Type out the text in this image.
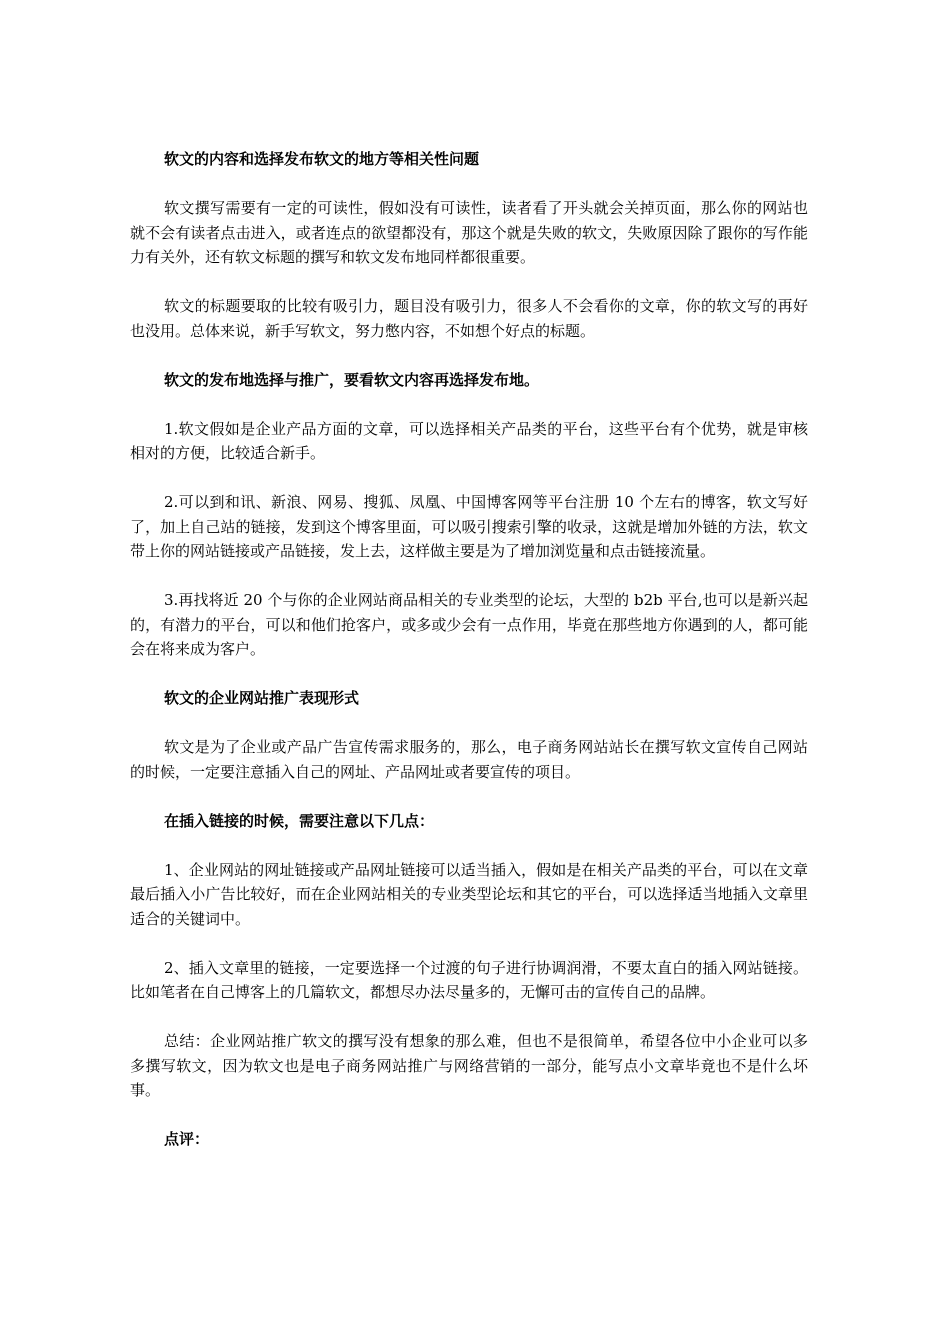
软文的内容和选择发布软文的地方等相关性问题

软文撰写需要有一定的可读性，假如没有可读性，读者看了开头就会关掉页面，那么你的网站也就不会有读者点击进入，或者连点的欲望都没有，那这个就是失败的软文，失败原因除了跟你的写作能力有关外，还有软文标题的撰写和软文发布地同样都很重要。

软文的标题要取的比较有吸引力，题目没有吸引力，很多人不会看你的文章，你的软文写的再好也没用。总体来说，新手写软文，努力憋内容，不如想个好点的标题。

软文的发布地选择与推广，要看软文内容再选择发布地。

1.软文假如是企业产品方面的文章，可以选择相关产品类的平台，这些平台有个优势，就是审核相对的方便，比较适合新手。

2.可以到和讯、新浪、网易、搜狐、凤凰、中国博客网等平台注册 10 个左右的博客，软文写好了，加上自己站的链接，发到这个博客里面，可以吸引搜索引擎的收录，这就是增加外链的方法，软文带上你的网站链接或产品链接，发上去，这样做主要是为了增加浏览量和点击链接流量。

3.再找将近 20 个与你的企业网站商品相关的专业类型的论坛，大型的 b2b 平台,也可以是新兴起的，有潜力的平台，可以和他们抢客户，或多或少会有一点作用，毕竟在那些地方你遇到的人，都可能会在将来成为客户。

软文的企业网站推广表现形式

软文是为了企业或产品广告宣传需求服务的，那么，电子商务网站站长在撰写软文宣传自己网站的时候，一定要注意插入自己的网址、产品网址或者要宣传的项目。

在插入链接的时候，需要注意以下几点：

1、企业网站的网址链接或产品网址链接可以适当插入，假如是在相关产品类的平台，可以在文章最后插入小广告比较好，而在企业网站相关的专业类型论坛和其它的平台，可以选择适当地插入文章里适合的关键词中。

2、插入文章里的链接，一定要选择一个过渡的句子进行协调润滑，不要太直白的插入网站链接。比如笔者在自己博客上的几篇软文，都想尽办法尽量多的，无懈可击的宣传自己的品牌。

总结：企业网站推广软文的撰写没有想象的那么难，但也不是很简单，希望各位中小企业可以多多撰写软文，因为软文也是电子商务网站推广与网络营销的一部分，能写点小文章毕竟也不是什么坏事。

点评：
